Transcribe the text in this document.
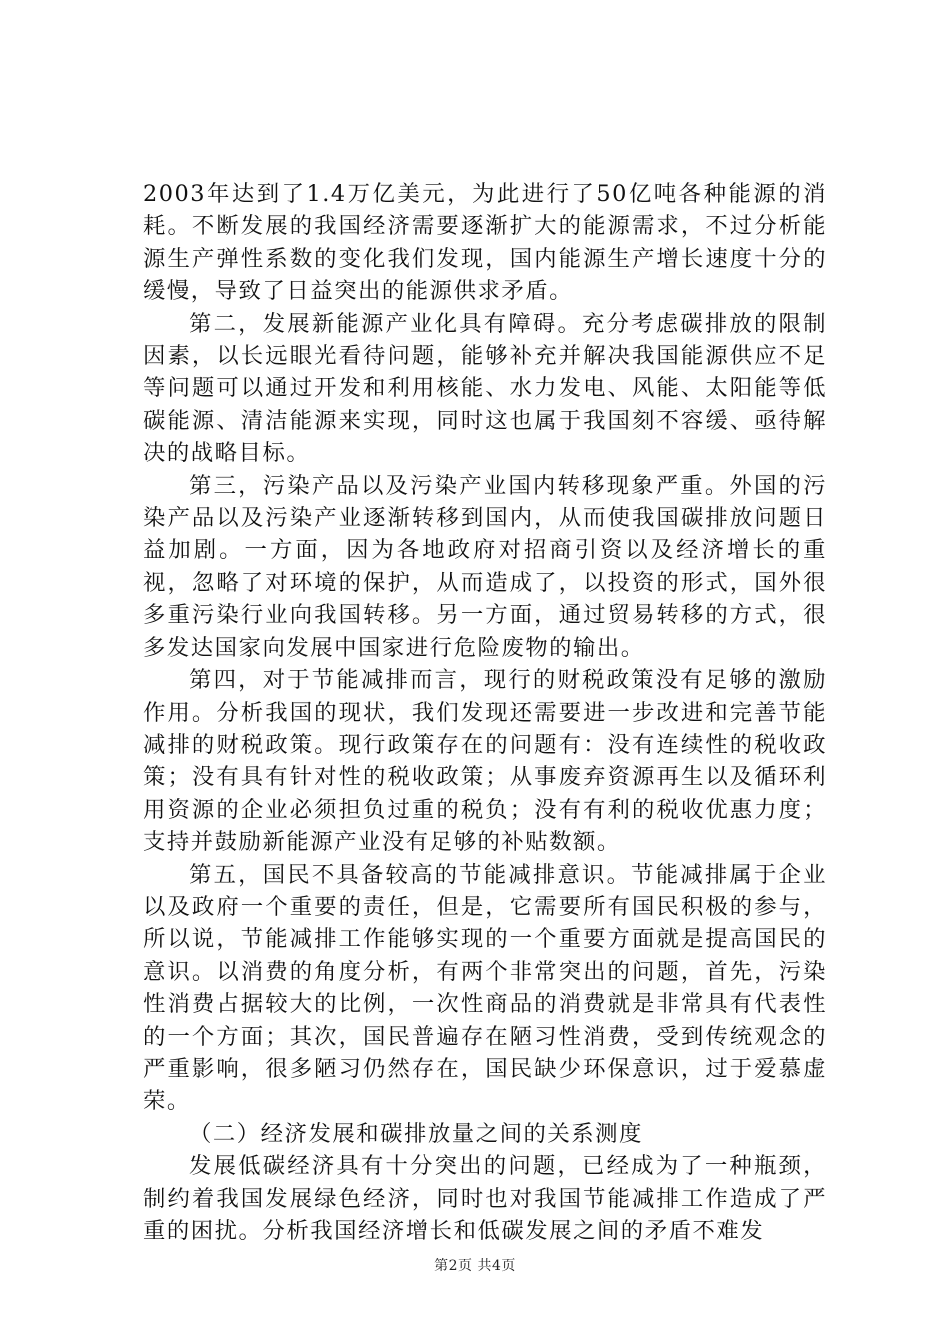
2003年达到了1.4万亿美元，为此进行了50亿吨各种能源的消耗。不断发展的我国经济需要逐渐扩大的能源需求，不过分析能源生产弹性系数的变化我们发现，国内能源生产增长速度十分的缓慢，导致了日益突出的能源供求矛盾。

第二，发展新能源产业化具有障碍。充分考虑碳排放的限制因素，以长远眼光看待问题，能够补充并解决我国能源供应不足等问题可以通过开发和利用核能、水力发电、风能、太阳能等低碳能源、清洁能源来实现，同时这也属于我国刻不容缓、亟待解决的战略目标。

第三，污染产品以及污染产业国内转移现象严重。外国的污染产品以及污染产业逐渐转移到国内，从而使我国碳排放问题日益加剧。一方面，因为各地政府对招商引资以及经济增长的重视，忽略了对环境的保护，从而造成了，以投资的形式，国外很多重污染行业向我国转移。另一方面，通过贸易转移的方式，很多发达国家向发展中国家进行危险废物的输出。

第四，对于节能减排而言，现行的财税政策没有足够的激励作用。分析我国的现状，我们发现还需要进一步改进和完善节能减排的财税政策。现行政策存在的问题有：没有连续性的税收政策；没有具有针对性的税收政策；从事废弃资源再生以及循环利用资源的企业必须担负过重的税负；没有有利的税收优惠力度；支持并鼓励新能源产业没有足够的补贴数额。

第五，国民不具备较高的节能减排意识。节能减排属于企业以及政府一个重要的责任，但是，它需要所有国民积极的参与，所以说，节能减排工作能够实现的一个重要方面就是提高国民的意识。以消费的角度分析，有两个非常突出的问题，首先，污染性消费占据较大的比例，一次性商品的消费就是非常具有代表性的一个方面；其次，国民普遍存在陋习性消费，受到传统观念的严重影响，很多陋习仍然存在，国民缺少环保意识，过于爱慕虚荣。

（二）经济发展和碳排放量之间的关系测度

发展低碳经济具有十分突出的问题，已经成为了一种瓶颈，制约着我国发展绿色经济，同时也对我国节能减排工作造成了严重的困扰。分析我国经济增长和低碳发展之间的矛盾不难发

第2页 共4页
